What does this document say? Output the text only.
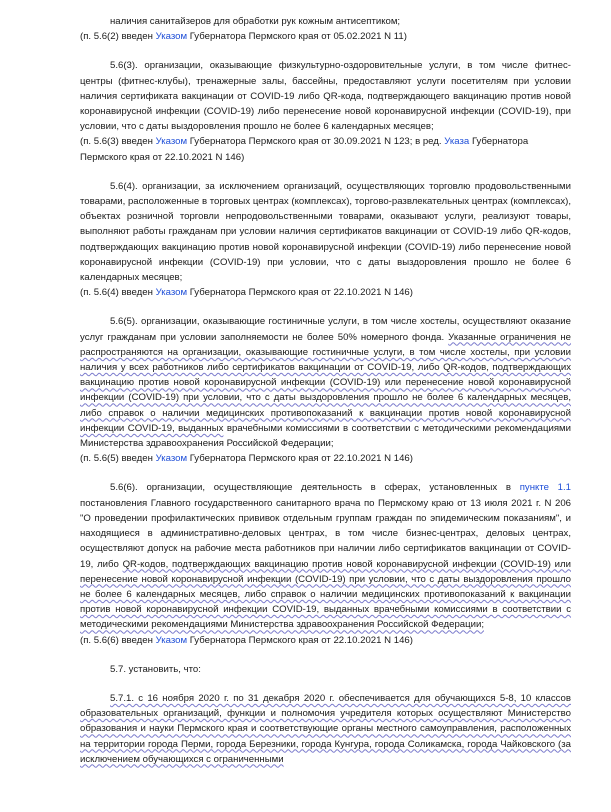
наличия санитайзеров для обработки рук кожным антисептиком;

(п. 5.6(2) введен Указом Губернатора Пермского края от 05.02.2021 N 11)

5.6(3). организации, оказывающие физкультурно-оздоровительные услуги, в том числе фитнес-центры (фитнес-клубы), тренажерные залы, бассейны, предоставляют услуги посетителям при условии наличия сертификата вакцинации от COVID-19 либо QR-кода, подтверждающего вакцинацию против новой коронавирусной инфекции (COVID-19) либо перенесение новой коронавирусной инфекции (COVID-19), при условии, что с даты выздоровления прошло не более 6 календарных месяцев;

(п. 5.6(3) введен Указом Губернатора Пермского края от 30.09.2021 N 123; в ред. Указа Губернатора Пермского края от 22.10.2021 N 146)

5.6(4). организации, за исключением организаций, осуществляющих торговлю продовольственными товарами, расположенные в торговых центрах (комплексах), торгово-развлекательных центрах (комплексах), объектах розничной торговли непродовольственными товарами, оказывают услуги, реализуют товары, выполняют работы гражданам при условии наличия сертификатов вакцинации от COVID-19 либо QR-кодов, подтверждающих вакцинацию против новой коронавирусной инфекции (COVID-19) либо перенесение новой коронавирусной инфекции (COVID-19) при условии, что с даты выздоровления прошло не более 6 календарных месяцев;

(п. 5.6(4) введен Указом Губернатора Пермского края от 22.10.2021 N 146)

5.6(5). организации, оказывающие гостиничные услуги, в том числе хостелы, осуществляют оказание услуг гражданам при условии заполняемости не более 50% номерного фонда. Указанные ограничения не распространяются на организации, оказывающие гостиничные услуги, в том числе хостелы, при условии наличия у всех работников либо сертификатов вакцинации от COVID-19, либо QR-кодов, подтверждающих вакцинацию против новой коронавирусной инфекции (COVID-19) или перенесение новой коронавирусной инфекции (COVID-19) при условии, что с даты выздоровления прошло не более 6 календарных месяцев, либо справок о наличии медицинских противопоказаний к вакцинации против новой коронавирусной инфекции COVID-19, выданных врачебными комиссиями в соответствии с методическими рекомендациями Министерства здравоохранения Российской Федерации;

(п. 5.6(5) введен Указом Губернатора Пермского края от 22.10.2021 N 146)

5.6(6). организации, осуществляющие деятельность в сферах, установленных в пункте 1.1 постановления Главного государственного санитарного врача по Пермскому краю от 13 июля 2021 г. N 206 "О проведении профилактических прививок отдельным группам граждан по эпидемическим показаниям", и находящиеся в административно-деловых центрах, в том числе бизнес-центрах, деловых центрах, осуществляют допуск на рабочие места работников при наличии либо сертификатов вакцинации от COVID-19, либо QR-кодов, подтверждающих вакцинацию против новой коронавирусной инфекции (COVID-19) или перенесение новой коронавирусной инфекции (COVID-19) при условии, что с даты выздоровления прошло не более 6 календарных месяцев, либо справок о наличии медицинских противопоказаний к вакцинации против новой коронавирусной инфекции COVID-19, выданных врачебными комиссиями в соответствии с методическими рекомендациями Министерства здравоохранения Российской Федерации;

(п. 5.6(6) введен Указом Губернатора Пермского края от 22.10.2021 N 146)

5.7. установить, что:

5.7.1. с 16 ноября 2020 г. по 31 декабря 2020 г. обеспечивается для обучающихся 5-8, 10 классов образовательных организаций, функции и полномочия учредителя которых осуществляют Министерство образования и науки Пермского края и соответствующие органы местного самоуправления, расположенных на территории города Перми, города Березники, города Кунгура, города Соликамска, города Чайковского (за исключением обучающихся с ограниченными
